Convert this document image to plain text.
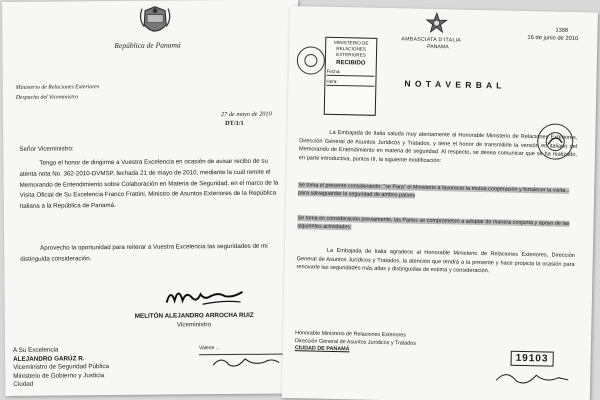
República de Panamá
Ministerio de Relaciones Exteriores
Despacho del Viceministro
27 de mayo de 2010
DT/1/1
Señor Viceministro:
Tengo el honor de dirigirme a Vuestra Excelencia en ocasión de avisar recibo de su atenta nota No. 362-2010-DVMSP, fechada 21 de mayo de 2010, mediante la cual remite el Memorando de Entendimiento sobre Colaboración en Materia de Seguridad, en el marco de la Visita Oficial de Su Excelencia Franco Frattini, Ministro de Asuntos Exteriores de la República Italiana a la República de Panamá.
Aprovecho la oportunidad para reiterar a Vuestra Excelencia las seguridades de mi distinguida consideración.
MELITÓN ALEJANDRO ARROCHA RUIZ
Viceministro
A Su Excelencia
ALEJANDRO GARÚZ R.
Viceministro de Seguridad Pública
Ministerio de Gobierno y Justicia
Ciudad
Valerie ...
AMBASCIATA D'ITALIA
PANAMA
1308
16 de junio de 2010
MINISTERIO DE
RELACIONES
EXTERIORES
RECIBIDO
Fecha:
Hora:	N O T A V E R B A L
La Embajada de Italia saluda muy atentamente al Honorable Ministerio de Relaciones Exteriores, Dirección General de Asuntos Jurídicos y Tratados, y tiene el honor de transmitirle la versión en italiano del Memorando de Entendimiento en materia de seguridad. Al respecto, se desea comunicar que se ha realizado, en parte introductiva, puntos III, la siguiente modificación:
Se toma el presente considerando: "se Para" el Ministerio a favorecer la mutua cooperación y fortalecer la visita... para salvaguardar la seguridad de ambos países
Se toma en consideración previamente, las Partes se comprometen a adoptar de manera conjunta y apoyo de las siguientes actividades:
La Embajada de Italia agradece al Honorable Ministerio de Relaciones Exteriores, Dirección General de Asuntos Jurídicos y Tratados, la atención que tendrá a la presente y hace propicia la ocasión para renovarle las seguridades más altas y distinguidas de estima y consideración.
Honorable Ministerio de Relaciones Exteriores
Dirección General de Asuntos Jurídicos y Tratados
CIUDAD DE PANAMÁ
19103
